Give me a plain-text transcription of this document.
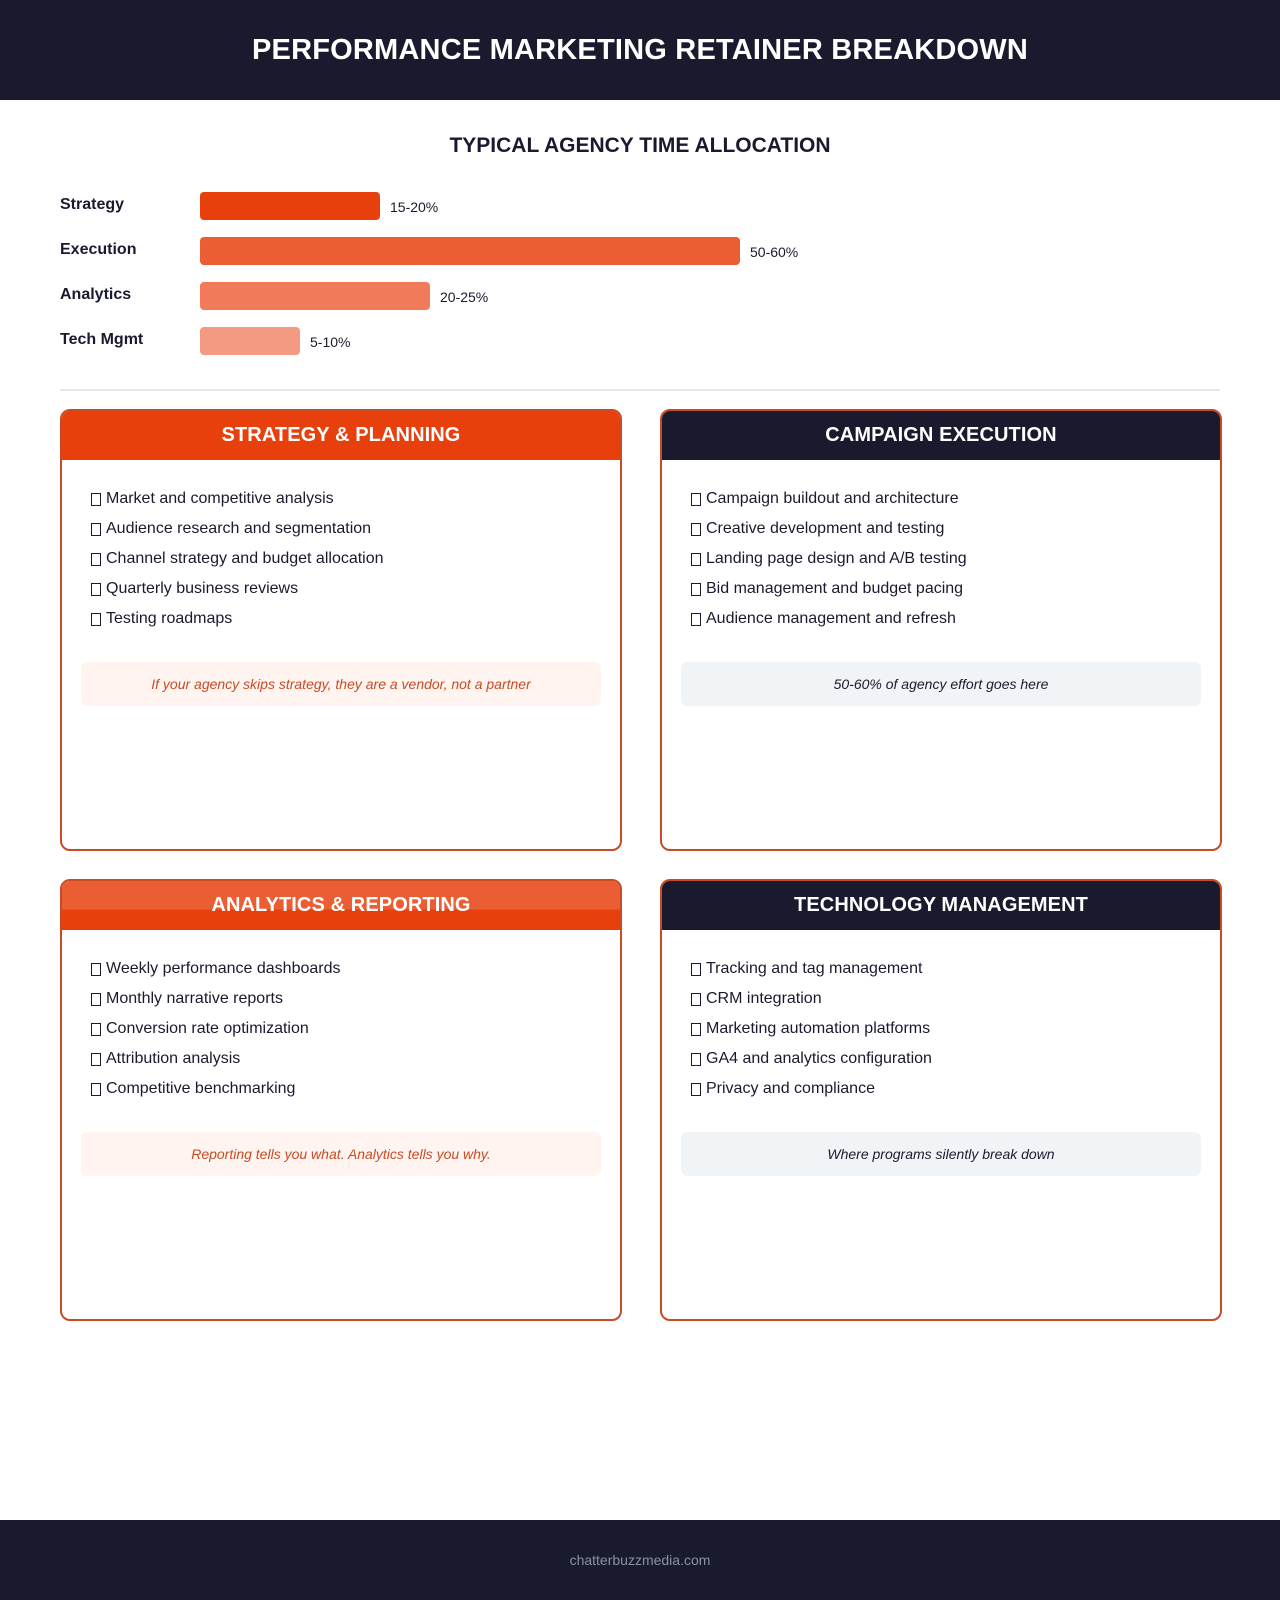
PERFORMANCE MARKETING RETAINER BREAKDOWN
TYPICAL AGENCY TIME ALLOCATION
Strategy	15-20%
Execution	50-60%
Analytics	20-25%
Tech Mgmt	5-10%
STRATEGY & PLANNING
Market and competitive analysis
Audience research and segmentation
Channel strategy and budget allocation
Quarterly business reviews
Testing roadmaps
If your agency skips strategy, they are a vendor, not a partner
CAMPAIGN EXECUTION
Campaign buildout and architecture
Creative development and testing
Landing page design and A/B testing
Bid management and budget pacing
Audience management and refresh
50-60% of agency effort goes here
ANALYTICS & REPORTING
Weekly performance dashboards
Monthly narrative reports
Conversion rate optimization
Attribution analysis
Competitive benchmarking
Reporting tells you what. Analytics tells you why.
TECHNOLOGY MANAGEMENT
Tracking and tag management
CRM integration
Marketing automation platforms
GA4 and analytics configuration
Privacy and compliance
Where programs silently break down
chatterbuzzmedia.com
